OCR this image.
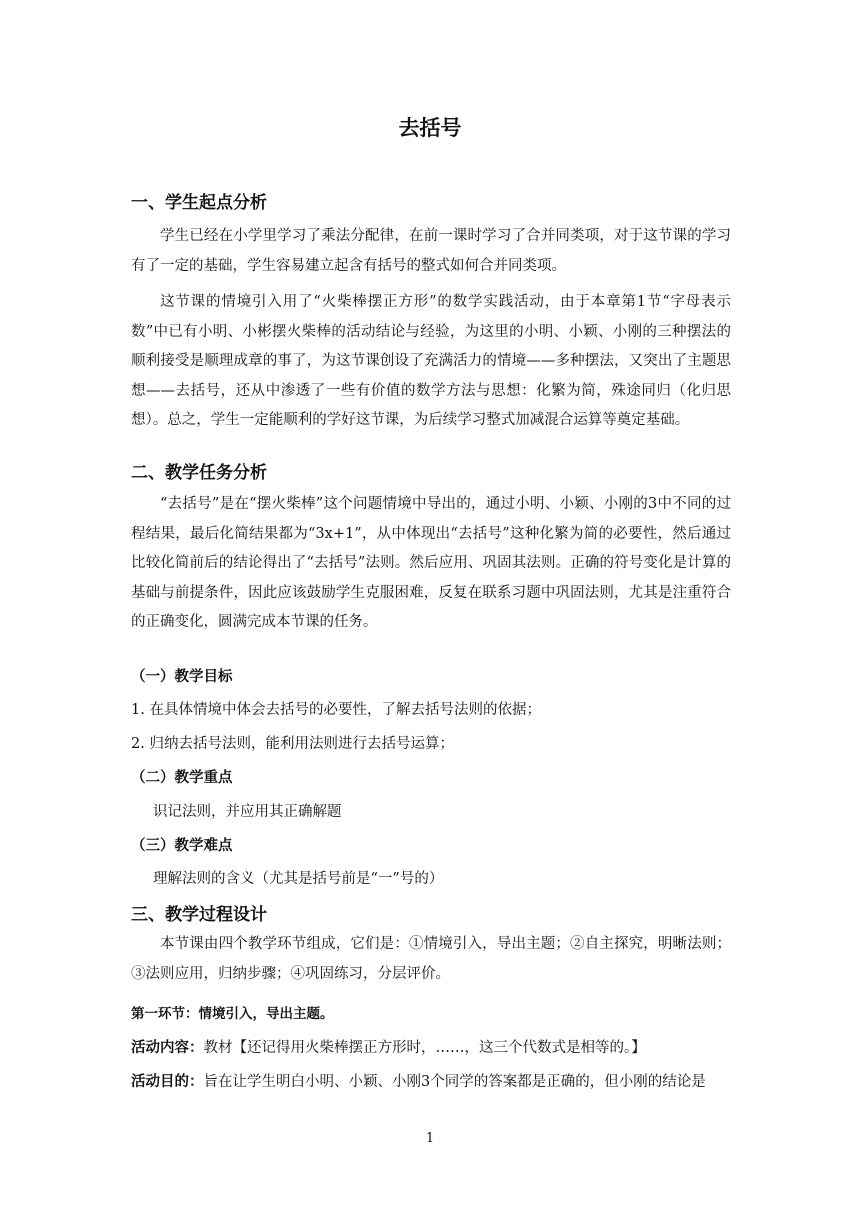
去括号
一、学生起点分析

学生已经在小学里学习了乘法分配律，在前一课时学习了合并同类项，对于这节课的学习有了一定的基础，学生容易建立起含有括号的整式如何合并同类项。

这节课的情境引入用了“火柴棒摆正方形”的数学实践活动，由于本章第1节“字母表示数”中已有小明、小彬摆火柴棒的活动结论与经验，为这里的小明、小颖、小刚的三种摆法的顺利接受是顺理成章的事了，为这节课创设了充满活力的情境——多种摆法，又突出了主题思想——去括号，还从中渗透了一些有价值的数学方法与思想：化繁为简，殊途同归（化归思想）。总之，学生一定能顺利的学好这节课，为后续学习整式加减混合运算等奠定基础。

二、教学任务分析

“去括号”是在“摆火柴棒”这个问题情境中导出的，通过小明、小颖、小刚的3中不同的过程结果，最后化简结果都为“3x+1”，从中体现出“去括号”这种化繁为简的必要性，然后通过比较化简前后的结论得出了“去括号”法则。然后应用、巩固其法则。正确的符号变化是计算的基础与前提条件，因此应该鼓励学生克服困难，反复在联系习题中巩固法则，尤其是注重符合的正确变化，圆满完成本节课的任务。

（一）教学目标
1. 在具体情境中体会去括号的必要性，了解去括号法则的依据；
2. 归纳去括号法则，能利用法则进行去括号运算；
（二）教学重点
识记法则，并应用其正确解题
（三）教学难点
理解法则的含义（尤其是括号前是“一”号的）
三、教学过程设计

本节课由四个教学环节组成，它们是：①情境引入，导出主题；②自主探究，明晰法则；③法则应用，归纳步骤；④巩固练习，分层评价。

第一环节：情境引入，导出主题。
活动内容：教材【还记得用火柴棒摆正方形时，……，这三个代数式是相等的。】
活动目的：旨在让学生明白小明、小颖、小刚3个同学的答案都是正确的，但小刚的结论是
1
